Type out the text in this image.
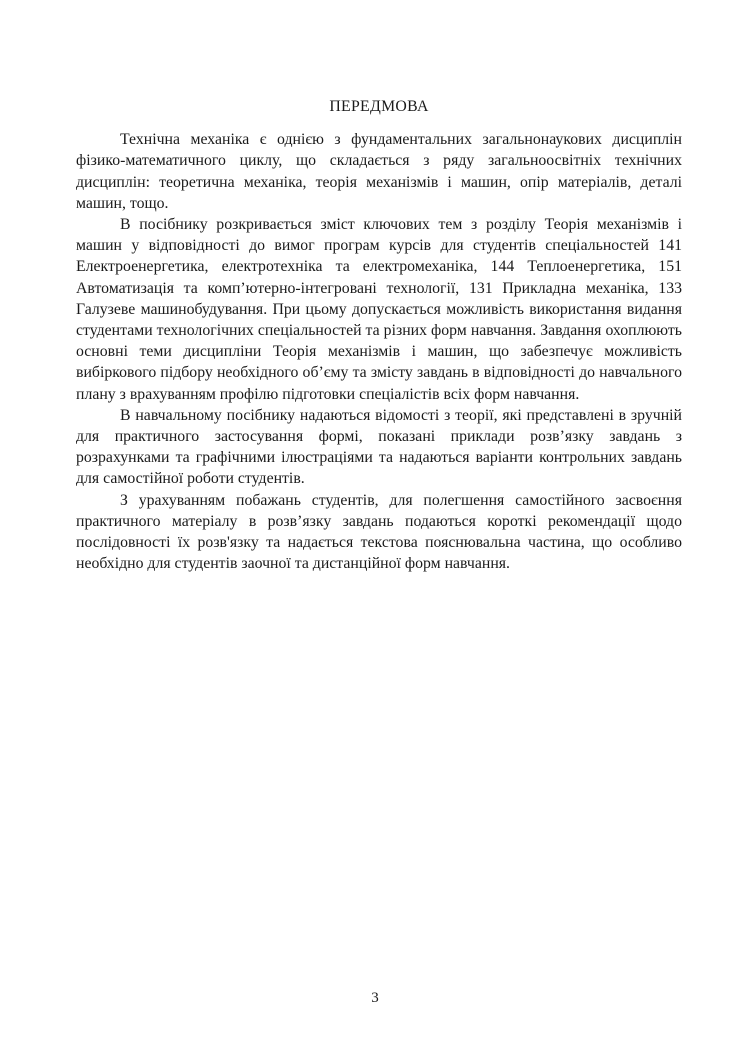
ПЕРЕДМОВА

Технічна механіка є однією з фундаментальних загальнонаукових дисциплін фізико-математичного циклу, що складається з ряду загальноосвітніх технічних дисциплін: теоретична механіка, теорія механізмів і машин, опір матеріалів, деталі машин, тощо.

В посібнику розкривається зміст ключових тем з розділу Теорія механізмів і машин у відповідності до вимог програм курсів для студентів спеціальностей 141 Електроенергетика, електротехніка та електромеханіка, 144 Теплоенергетика, 151 Автоматизація та комп’ютерно-інтегровані технології, 131 Прикладна механіка, 133 Галузеве машинобудування. При цьому допускається можливість використання видання студентами технологічних спеціальностей та різних форм навчання. Завдання охоплюють основні теми дисципліни Теорія механізмів і машин, що забезпечує можливість вибіркового підбору необхідного об’єму та змісту завдань в відповідності до навчального плану з врахуванням профілю підготовки спеціалістів всіх форм навчання.

В навчальному посібнику надаються відомості з теорії, які представлені в зручній для практичного застосування формі, показані приклади розв’язку завдань з розрахунками та графічними ілюстраціями та надаються варіанти контрольних завдань для самостійної роботи студентів.

З урахуванням побажань студентів, для полегшення самостійного засвоєння практичного матеріалу в розв’язку завдань подаються короткі рекомендації щодо послідовності їх розв'язку та надається текстова пояснювальна частина, що особливо необхідно для студентів заочної та дистанційної форм навчання.

3
